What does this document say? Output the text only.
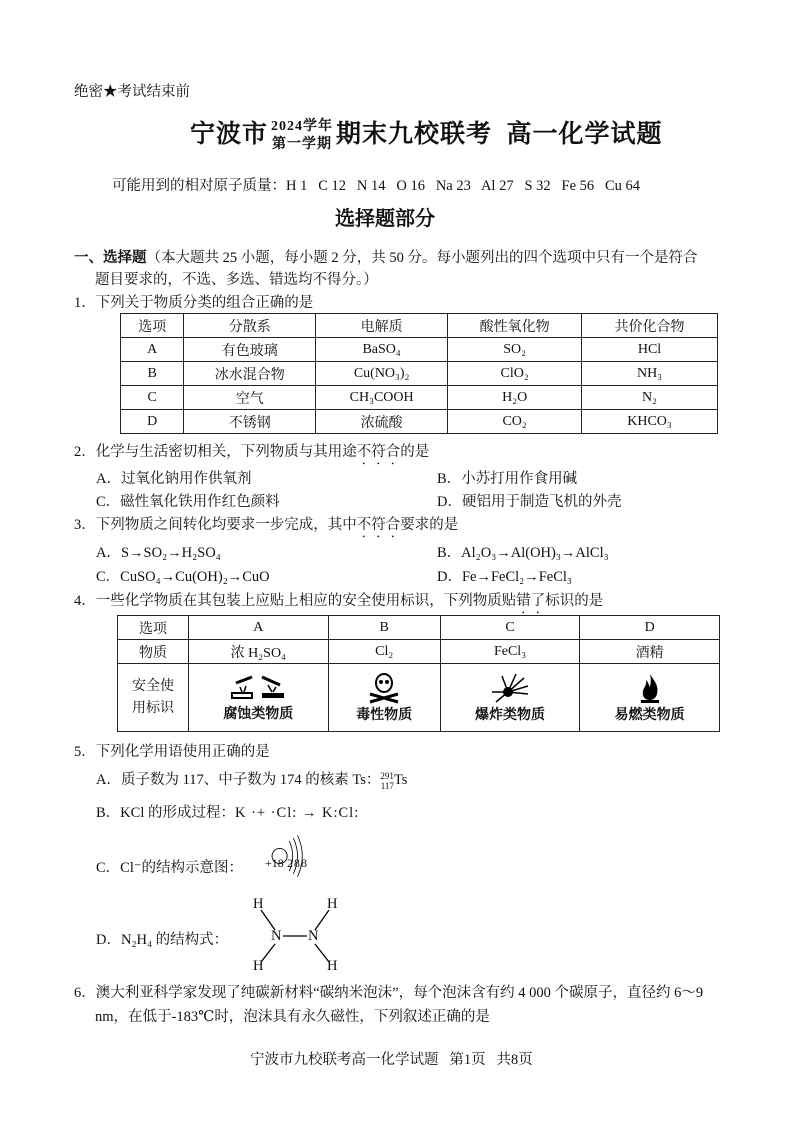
绝密★考试结束前
宁波市 2024学年
第一学期 期末九校联考  高一化学试题
可能用到的相对原子质量：H 1   C 12   N 14   O 16   Na 23   Al 27   S 32   Fe 56   Cu 64
选择题部分
一、选择题（本大题共 25 小题，每小题 2 分，共 50 分。每小题列出的四个选项中只有一个是符合
题目要求的，不选、多选、错选均不得分。）
1．下列关于物质分类的组合正确的是
选项	分散系	电解质	酸性氧化物	共价化合物
A	有色玻璃	BaSO₄	SO₂	HCl
B	冰水混合物	Cu(NO₃)₂	ClO₂	NH₃
C	空气	CH₃COOH	H₂O	N₂
D	不锈钢	浓硫酸	CO₂	KHCO₃
2．化学与生活密切相关，下列物质与其用途不符合的是
A．过氧化钠用作供氧剂	B．小苏打用作食用碱
C．磁性氧化铁用作红色颜料	D．硬铝用于制造飞机的外壳
3．下列物质之间转化均要求一步完成，其中不符合要求的是
A．S→SO₂→H₂SO₄	B．Al₂O₃→Al(OH)₃→AlCl₃
C．CuSO₄→Cu(OH)₂→CuO	D．Fe→FeCl₂→FeCl₃
4．一些化学物质在其包装上应贴上相应的安全使用标识，下列物质贴错了标识的是
选项	A	B	C	D
物质	浓 H₂SO₄	Cl₂	FeCl₃	酒精
安全使
用标识	腐蚀类物质	毒性物质	爆炸类物质	易燃类物质
5．下列化学用语使用正确的是
A．质子数为 117、中子数为 174 的核素 Ts：291
117Ts
B．KCl 的形成过程：K ·+ ·Cl: → K:Cl:
C．Cl⁻的结构示意图： +18 2 8 8
D．N₂H₄ 的结构式：
H	H
N N
H	H
6．澳大利亚科学家发现了纯碳新材料“碳纳米泡沫”，每个泡沫含有约 4 000 个碳原子，直径约 6～9
nm，在低于-183℃时，泡沫具有永久磁性，下列叙述正确的是
宁波市九校联考高一化学试题   第1页   共8页
